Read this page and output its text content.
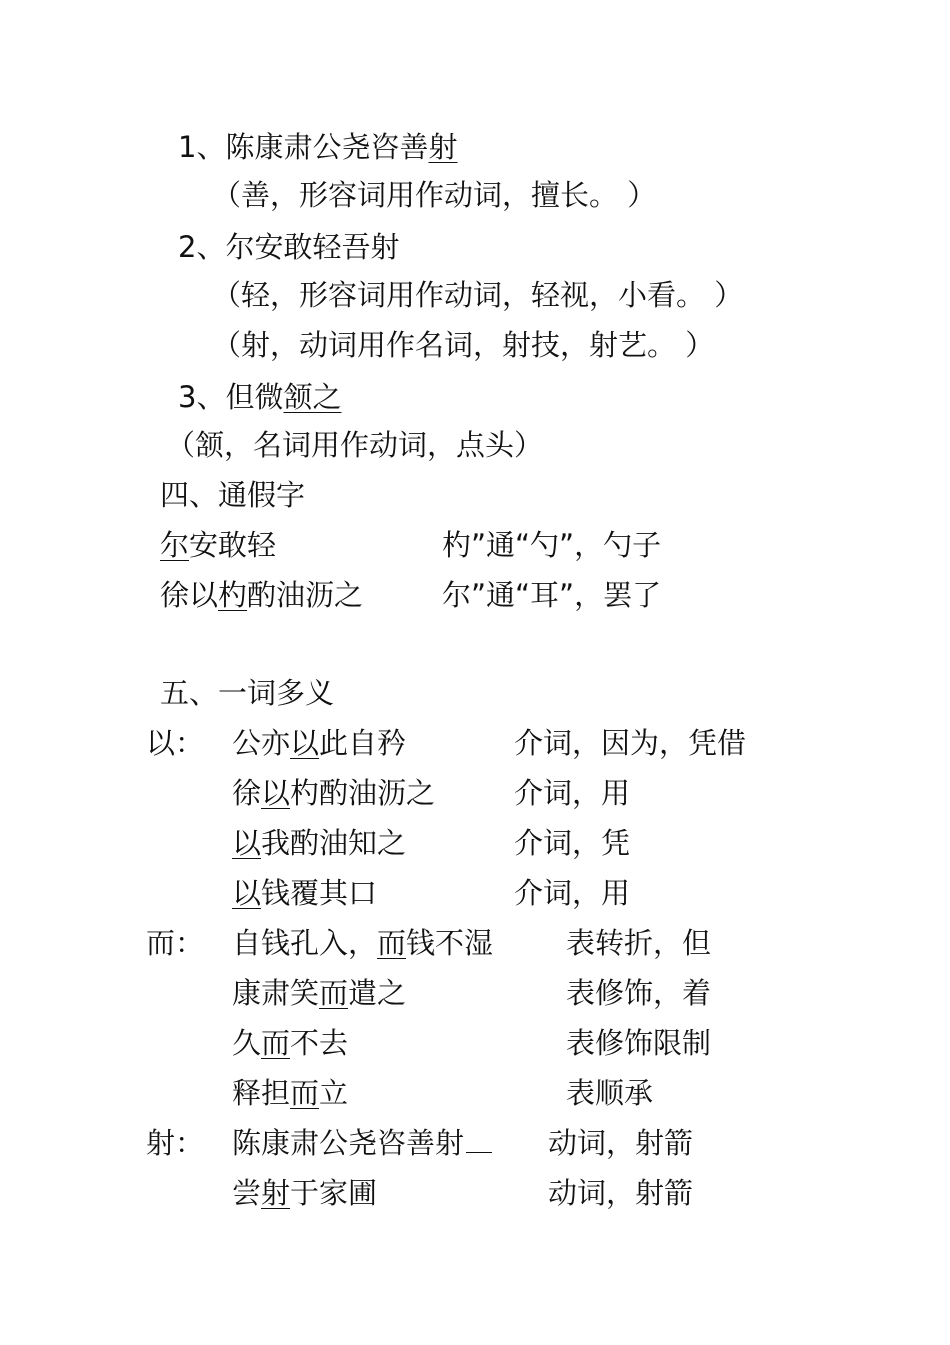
1、陈康肃公尧咨善射
（善，形容词用作动词，擅长。 ）
2、尔安敢轻吾射
（轻，形容词用作动词，轻视，小看。 ）
（射，动词用作名词，射技，射艺。 ）
3、但微颔之
（颔，名词用作动词，点头）
四、通假字
尔安敢轻	杓”通“勺”，勺子
徐以杓酌油沥之	尔”通“耳”，罢了
五、一词多义
以： 公亦以此自矜	介词，因为，凭借
徐以杓酌油沥之	介词，用
以我酌油知之	介词，凭
以钱覆其口	介词，用
而： 自钱孔入，而钱不湿	表转折，但
康肃笑而遣之	表修饰，着
久而不去	表修饰限制
释担而立	表顺承
射： 陈康肃公尧咨善射	动词，射箭
尝射于家圃	动词，射箭
